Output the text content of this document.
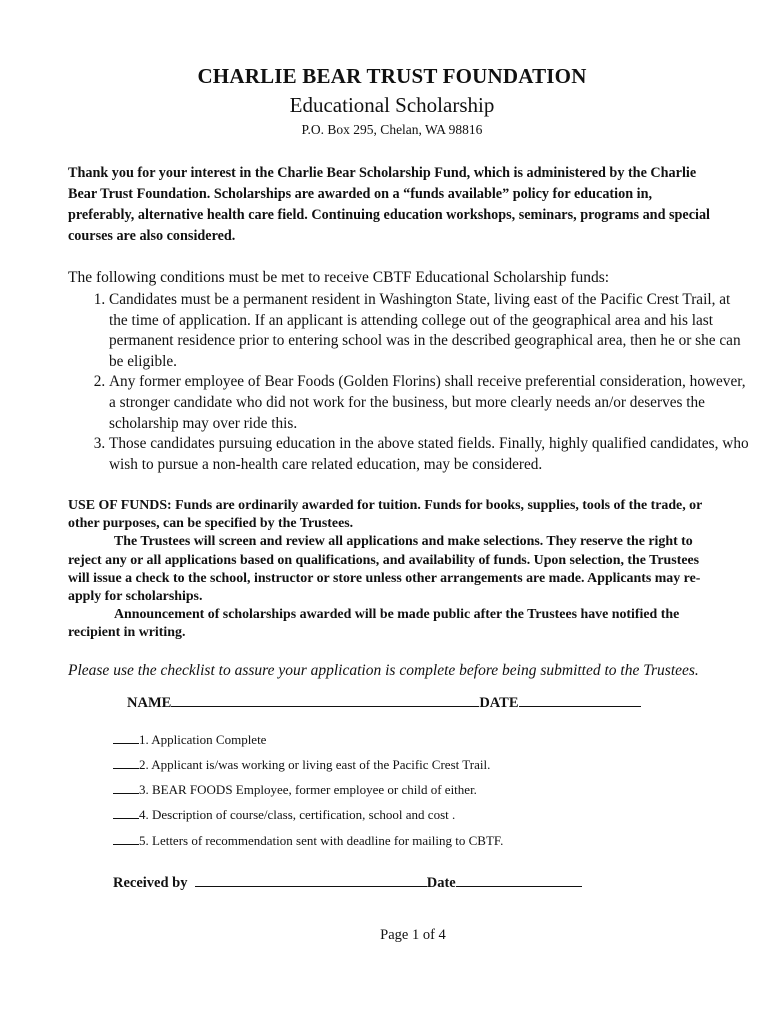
CHARLIE BEAR TRUST FOUNDATION
Educational Scholarship
P.O. Box 295, Chelan, WA 98816
Thank you for your interest in the Charlie Bear Scholarship Fund, which is administered by the Charlie Bear Trust Foundation. Scholarships are awarded on a “funds available” policy for education in, preferably, alternative health care field. Continuing education workshops, seminars, programs and special courses are also considered.
The following conditions must be met to receive CBTF Educational Scholarship funds:
1. Candidates must be a permanent resident in Washington State, living east of the Pacific Crest Trail, at the time of application. If an applicant is attending college out of the geographical area and his last permanent residence prior to entering school was in the described geographical area, then he or she can be eligible.
2. Any former employee of Bear Foods (Golden Florins) shall receive preferential consideration, however, a stronger candidate who did not work for the business, but more clearly needs an/or deserves the scholarship may over ride this.
3. Those candidates pursuing education in the above stated fields. Finally, highly qualified candidates, who wish to pursue a non-health care related education, may be considered.
USE OF FUNDS: Funds are ordinarily awarded for tuition. Funds for books, supplies, tools of the trade, or other purposes, can be specified by the Trustees.
The Trustees will screen and review all applications and make selections. They reserve the right to reject any or all applications based on qualifications, and availability of funds. Upon selection, the Trustees will issue a check to the school, instructor or store unless other arrangements are made. Applicants may re-apply for scholarships.
Announcement of scholarships awarded will be made public after the Trustees have notified the recipient in writing.
Please use the checklist to assure your application is complete before being submitted to the Trustees.
NAME	DATE
1. Application Complete
2. Applicant is/was working or living east of the Pacific Crest Trail.
3. BEAR FOODS Employee, former employee or child of either.
4. Description of course/class, certification, school and cost .
5. Letters of recommendation sent with deadline for mailing to CBTF.
Received by	Date
Page 1 of 4
